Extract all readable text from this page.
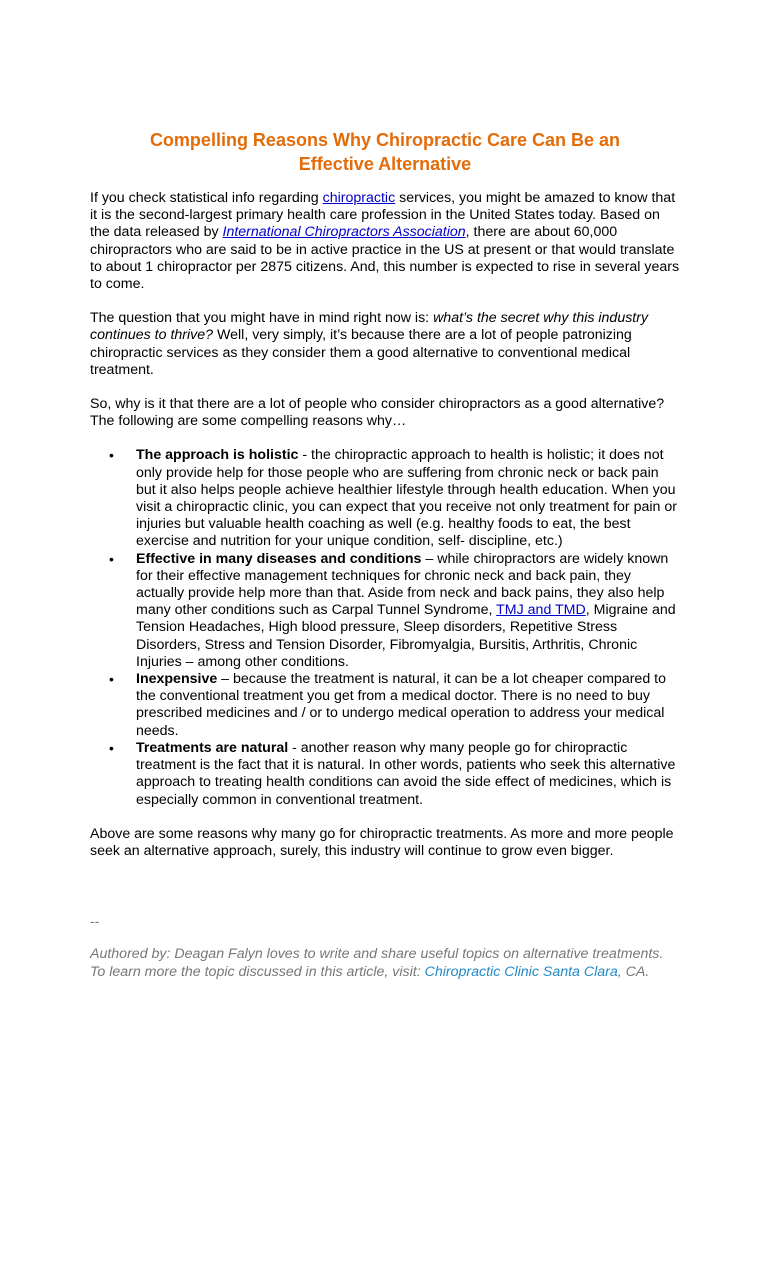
Compelling Reasons Why Chiropractic Care Can Be an
Effective Alternative

If you check statistical info regarding chiropractic services, you might be amazed to know that it is the second-largest primary health care profession in the United States today. Based on the data released by International Chiropractors Association, there are about 60,000 chiropractors who are said to be in active practice in the US at present or that would translate to about 1 chiropractor per 2875 citizens. And, this number is expected to rise in several years to come.

The question that you might have in mind right now is: what’s the secret why this industry continues to thrive? Well, very simply, it’s because there are a lot of people patronizing chiropractic services as they consider them a good alternative to conventional medical treatment.

So, why is it that there are a lot of people who consider chiropractors as a good alternative? The following are some compelling reasons why…

• The approach is holistic - the chiropractic approach to health is holistic; it does not only provide help for those people who are suffering from chronic neck or back pain but it also helps people achieve healthier lifestyle through health education. When you visit a chiropractic clinic, you can expect that you receive not only treatment for pain or injuries but valuable health coaching as well (e.g. healthy foods to eat, the best exercise and nutrition for your unique condition, self- discipline, etc.)
• Effective in many diseases and conditions – while chiropractors are widely known for their effective management techniques for chronic neck and back pain, they actually provide help more than that. Aside from neck and back pains, they also help many other conditions such as Carpal Tunnel Syndrome, TMJ and TMD, Migraine and Tension Headaches, High blood pressure, Sleep disorders, Repetitive Stress Disorders, Stress and Tension Disorder, Fibromyalgia, Bursitis, Arthritis, Chronic Injuries – among other conditions.
• Inexpensive – because the treatment is natural, it can be a lot cheaper compared to the conventional treatment you get from a medical doctor. There is no need to buy prescribed medicines and / or to undergo medical operation to address your medical needs.
• Treatments are natural - another reason why many people go for chiropractic treatment is the fact that it is natural. In other words, patients who seek this alternative approach to treating health conditions can avoid the side effect of medicines, which is especially common in conventional treatment.

Above are some reasons why many go for chiropractic treatments. As more and more people seek an alternative approach, surely, this industry will continue to grow even bigger.

--

Authored by: Deagan Falyn loves to write and share useful topics on alternative treatments. To learn more the topic discussed in this article, visit: Chiropractic Clinic Santa Clara, CA.
